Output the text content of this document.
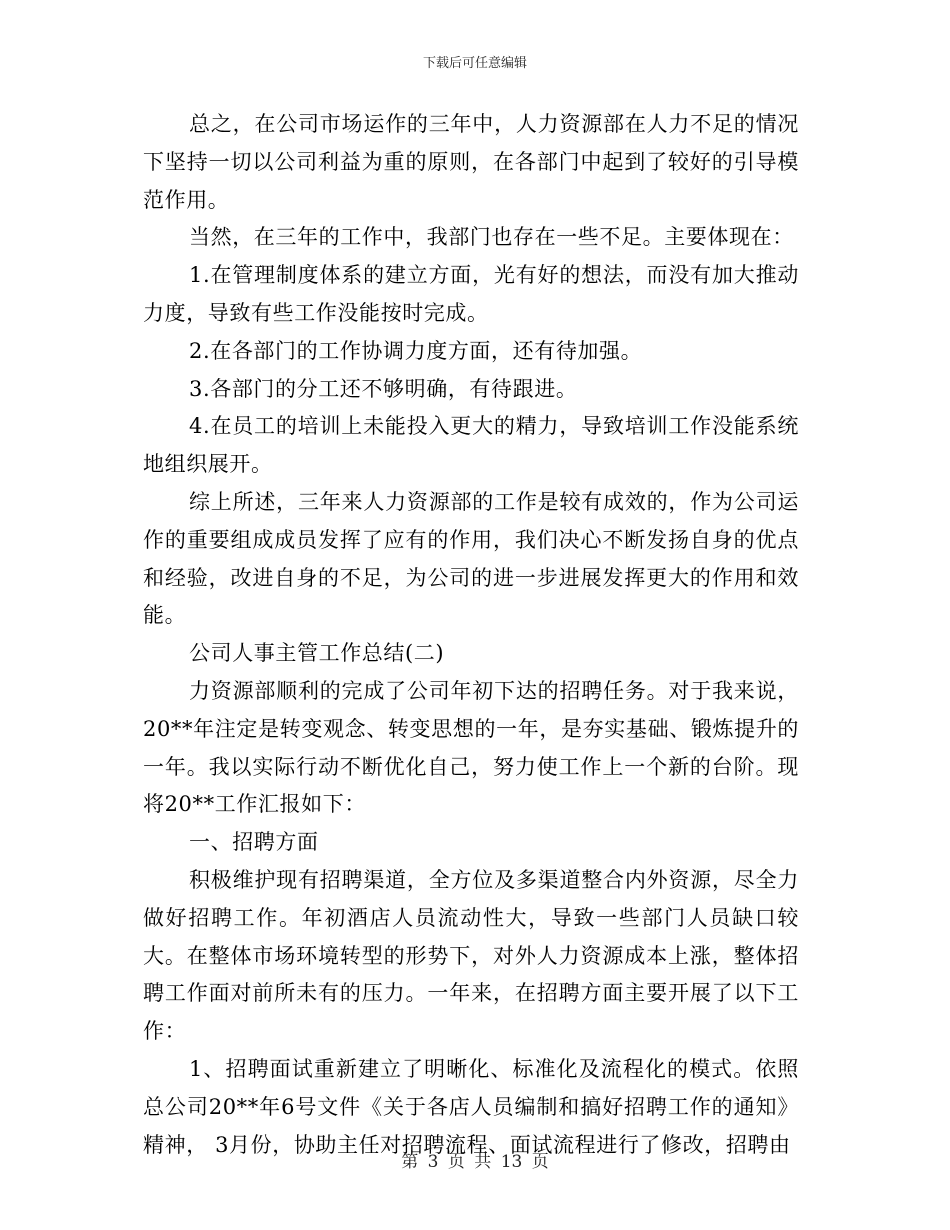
下载后可任意编辑

总之，在公司市场运作的三年中，人力资源部在人力不足的情况下坚持一切以公司利益为重的原则，在各部门中起到了较好的引导模范作用。

当然，在三年的工作中，我部门也存在一些不足。主要体现在：

1.在管理制度体系的建立方面，光有好的想法，而没有加大推动力度，导致有些工作没能按时完成。

2.在各部门的工作协调力度方面，还有待加强。

3.各部门的分工还不够明确，有待跟进。

4.在员工的培训上未能投入更大的精力，导致培训工作没能系统地组织展开。

综上所述，三年来人力资源部的工作是较有成效的，作为公司运作的重要组成成员发挥了应有的作用，我们决心不断发扬自身的优点和经验，改进自身的不足，为公司的进一步进展发挥更大的作用和效能。

公司人事主管工作总结(二)

力资源部顺利的完成了公司年初下达的招聘任务。对于我来说，20**年注定是转变观念、转变思想的一年，是夯实基础、锻炼提升的一年。我以实际行动不断优化自己，努力使工作上一个新的台阶。现将20**工作汇报如下：

一、招聘方面

积极维护现有招聘渠道，全方位及多渠道整合内外资源，尽全力做好招聘工作。年初酒店人员流动性大，导致一些部门人员缺口较大。在整体市场环境转型的形势下，对外人力资源成本上涨，整体招聘工作面对前所未有的压力。一年来，在招聘方面主要开展了以下工作：

1、招聘面试重新建立了明晰化、标准化及流程化的模式。依照总公司20**年6号文件《关于各店人员编制和搞好招聘工作的通知》精神， 3月份，协助主任对招聘流程、面试流程进行了修改，招聘由

第 3 页 共 13 页
